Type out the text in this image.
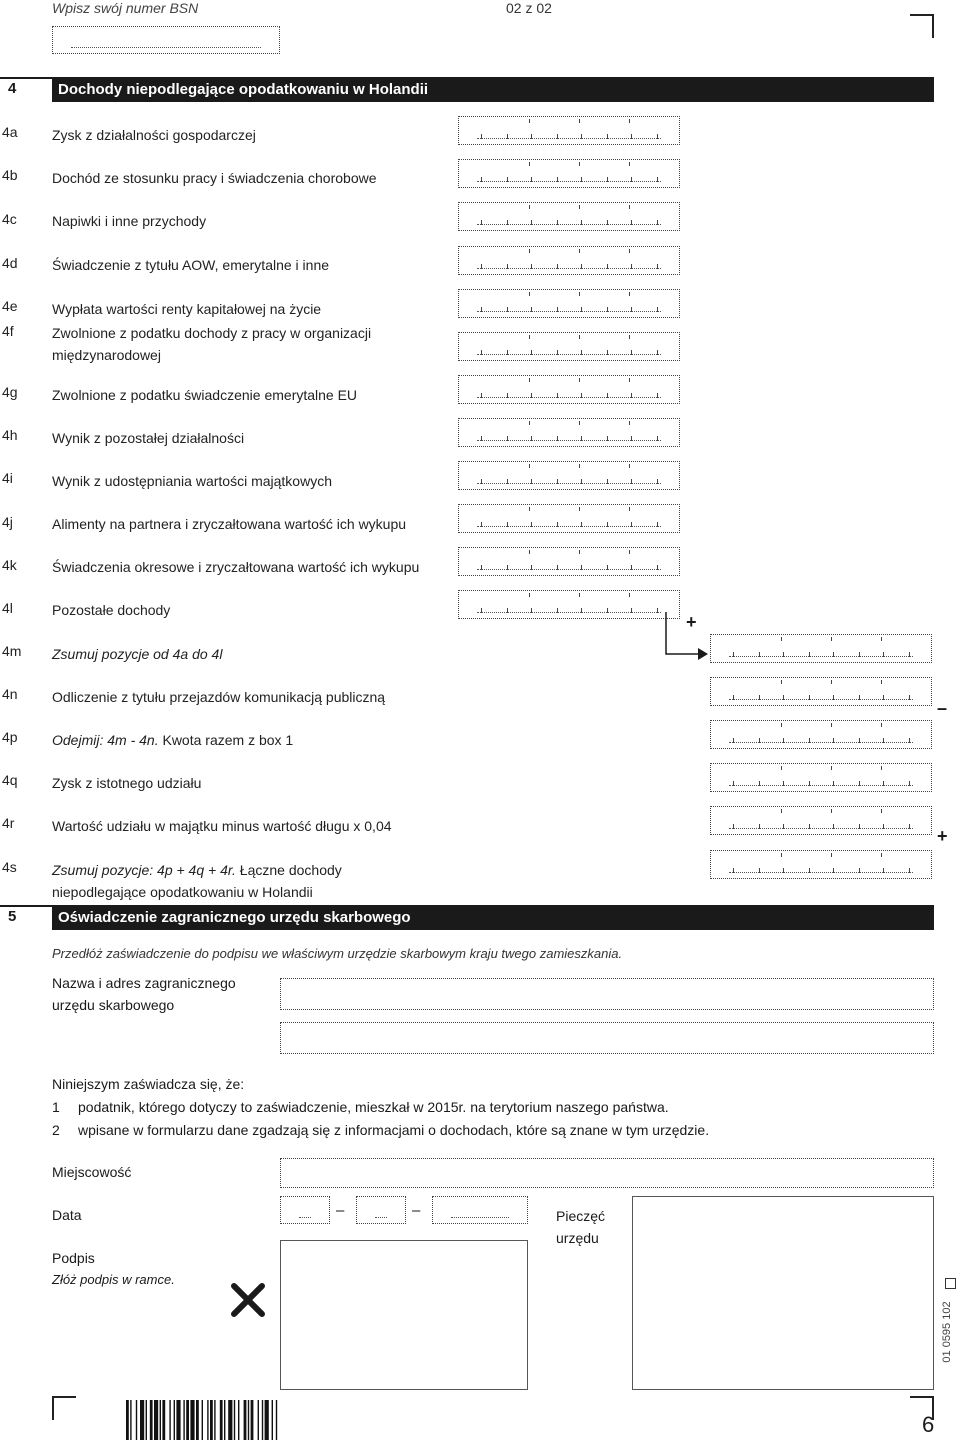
Wpisz swój numer BSN	02 z 02
4	Dochody niepodlegające opodatkowaniu w Holandii
4a Zysk z działalności gospodarczej
4b Dochód ze stosunku pracy i świadczenia chorobowe
4c	Napiwki i inne przychody
4d Świadczenie z tytułu AOW, emerytalne i inne
4e Wypłata wartości renty kapitałowej na życie
4f	Zwolnione z podatku dochody z pracy w organizacji międzynarodowej
4g Zwolnione z podatku świadczenie emerytalne EU
4h Wynik z pozostałej działalności
4i	Wynik z udostępniania wartości majątkowych
4j	Alimenty na partnera i zryczałtowana wartość ich wykupu
4k	Świadczenia okresowe i zryczałtowana wartość ich wykupu
4l	Pozostałe dochody
4m Zsumuj pozycje od 4a do 4l
4n Odliczenie z tytułu przejazdów komunikacją publiczną
4p Odejmij: 4m - 4n. Kwota razem z box 1
4q Zysk z istotnego udziału
4r	Wartość udziału w majątku minus wartość długu x 0,04
4s	Zsumuj pozycje: 4p + 4q + 4r. Łączne dochody niepodlegające opodatkowaniu w Holandii
+
–
+
5	Oświadczenie zagranicznego urzędu skarbowego
Przedłóż zaświadczenie do podpisu we właściwym urzędzie skarbowym kraju twego zamieszkania.
Nazwa i adres zagranicznego urzędu skarbowego
Niniejszym zaświadcza się, że:
1 podatnik, którego dotyczy to zaświadczenie, mieszkał w 2015r. na terytorium naszego państwa.
2 wpisane w formularzu dane zgadzają się z informacjami o dochodach, które są znane w tym urzędzie.
Miejscowość
Data	–	–	Pieczęć urzędu
Podpis
Złóż podpis w ramce.
01 0595 102
6
